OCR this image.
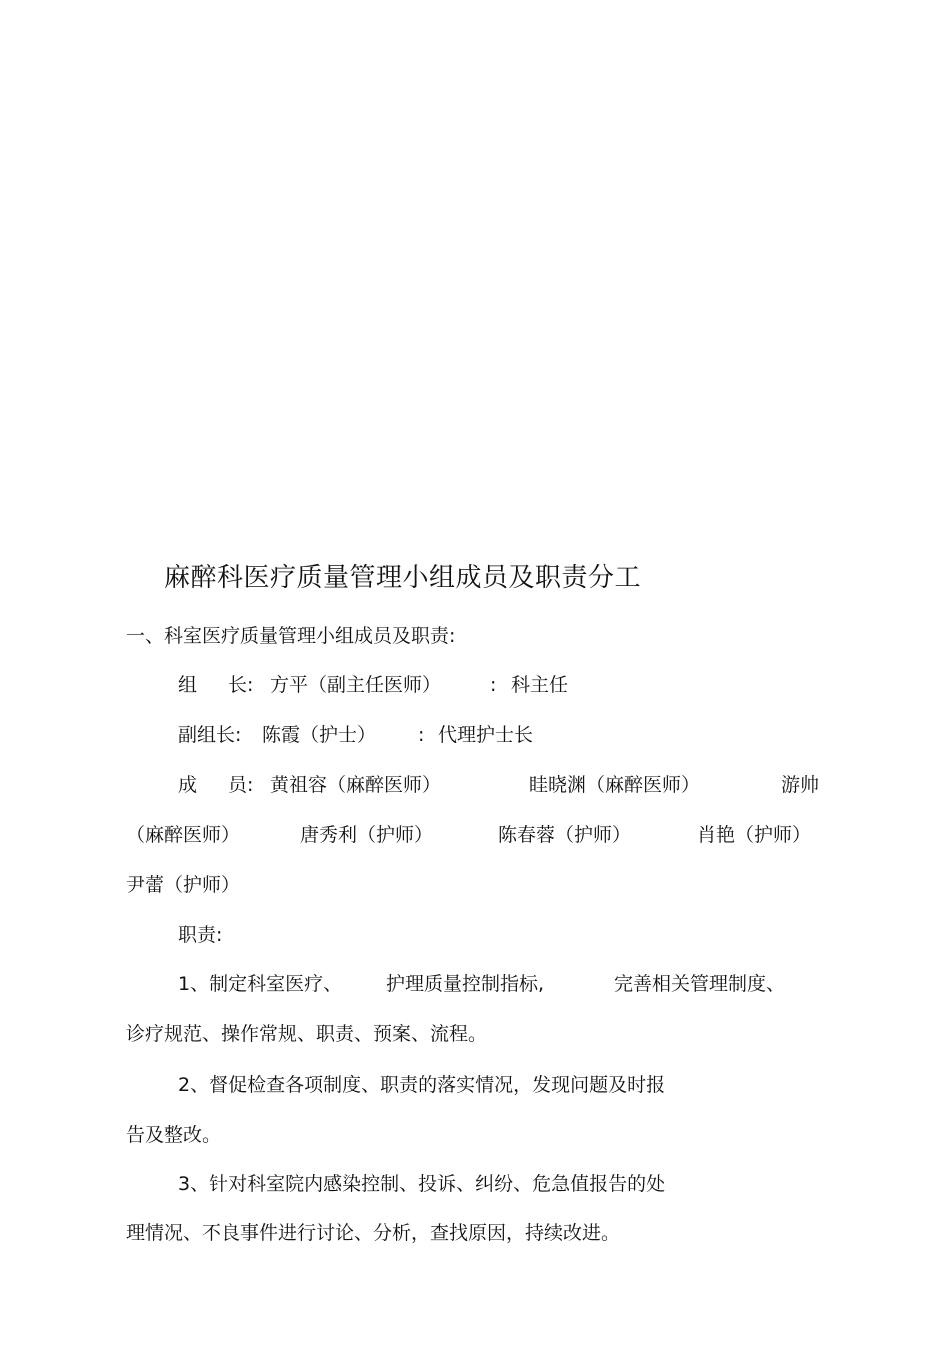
麻醉科医疗质量管理小组成员及职责分工
一、科室医疗质量管理小组成员及职责:
组 长: 方平（副主任医师）	: 科主任
副组长: 陈霞（护士） : 代理护士长
成 员: 黄祖容（麻醉医师）	眭晓渊（麻醉医师）	游帅
（麻醉医师）	唐秀利（护师）	陈春蓉（护师）	肖艳（护师）
尹蕾（护师）
职责:
1、制定科室医疗、 护理质量控制指标,	完善相关管理制度、
诊疗规范、操作常规、职责、预案、流程。
2、督促检查各项制度、职责的落实情况，发现问题及时报
告及整改。
3、针对科室院内感染控制、投诉、纠纷、危急值报告的处
理情况、不良事件进行讨论、分析，查找原因，持续改进。
